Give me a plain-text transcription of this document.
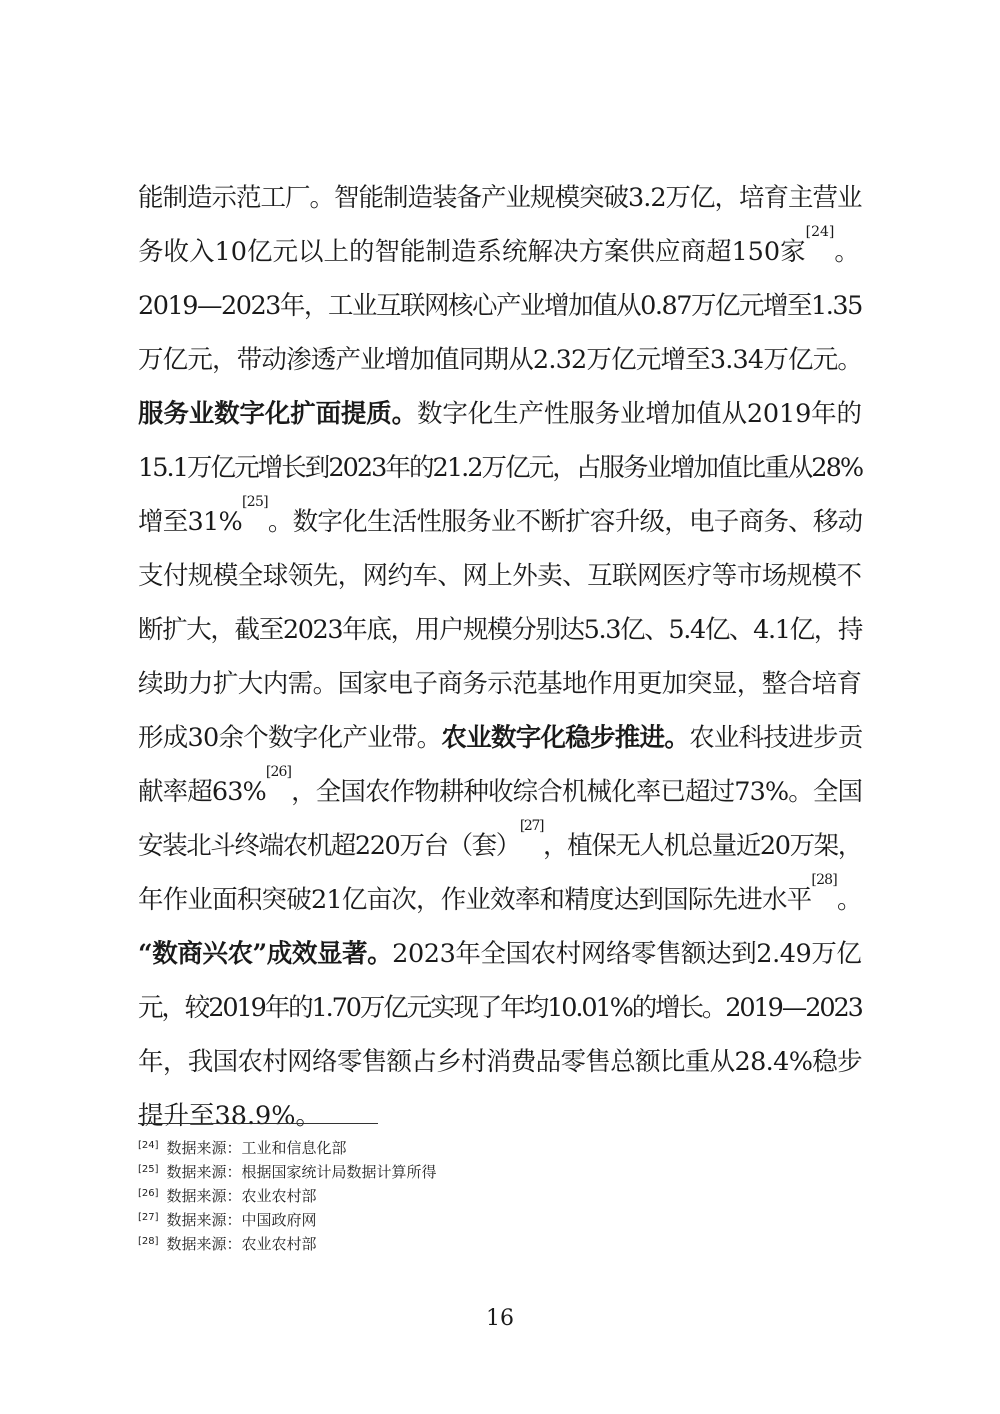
能制造示范工厂。智能制造装备产业规模突破3.2万亿，培育主营业
务收入10亿元以上的智能制造系统解决方案供应商超150家
[24]
。
2019—2023年，工业互联网核心产业增加值从0.87万亿元增至1.35
万亿元，带动渗透产业增加值同期从2.32万亿元增至3.34万亿元。
服务业数字化扩面提质。 数字化生产性服务业增加值从2019年的
15.1万亿元增长到2023年的21.2万亿元，占服务业增加值比重从28%
增至31%
[25]
。数字化生活性服务业不断扩容升级，电子商务、移动
支付规模全球领先，网约车、网上外卖、互联网医疗等市场规模不
断扩大，截至2023年底，用户规模分别达5.3亿、5.4亿、4.1亿，持
续助力扩大内需。国家电子商务示范基地作用更加突显，整合培育
形成30余个数字化产业带。 农业数字化稳步推进。 农业科技进步贡
献率超63%
[26]
，全国农作物耕种收综合机械化率已超过73%。全国
安装北斗终端农机超220万台（套）
[27]
，植保无人机总量近20万架，
年作业面积突破21亿亩次，作业效率和精度达到国际先进水平
[28]
。
“数商兴农”成效显著。 2023年全国农村网络零售额达到2.49万亿
元，较2019年的1.70万亿元实现了年均10.01%的增长。2019—2023
年，我国农村网络零售额占乡村消费品零售总额比重从28.4%稳步
提升至38.9%。
[24] 数据来源：工业和信息化部
[25] 数据来源：根据国家统计局数据计算所得
[26] 数据来源：农业农村部
[27] 数据来源：中国政府网
[28] 数据来源：农业农村部
16
